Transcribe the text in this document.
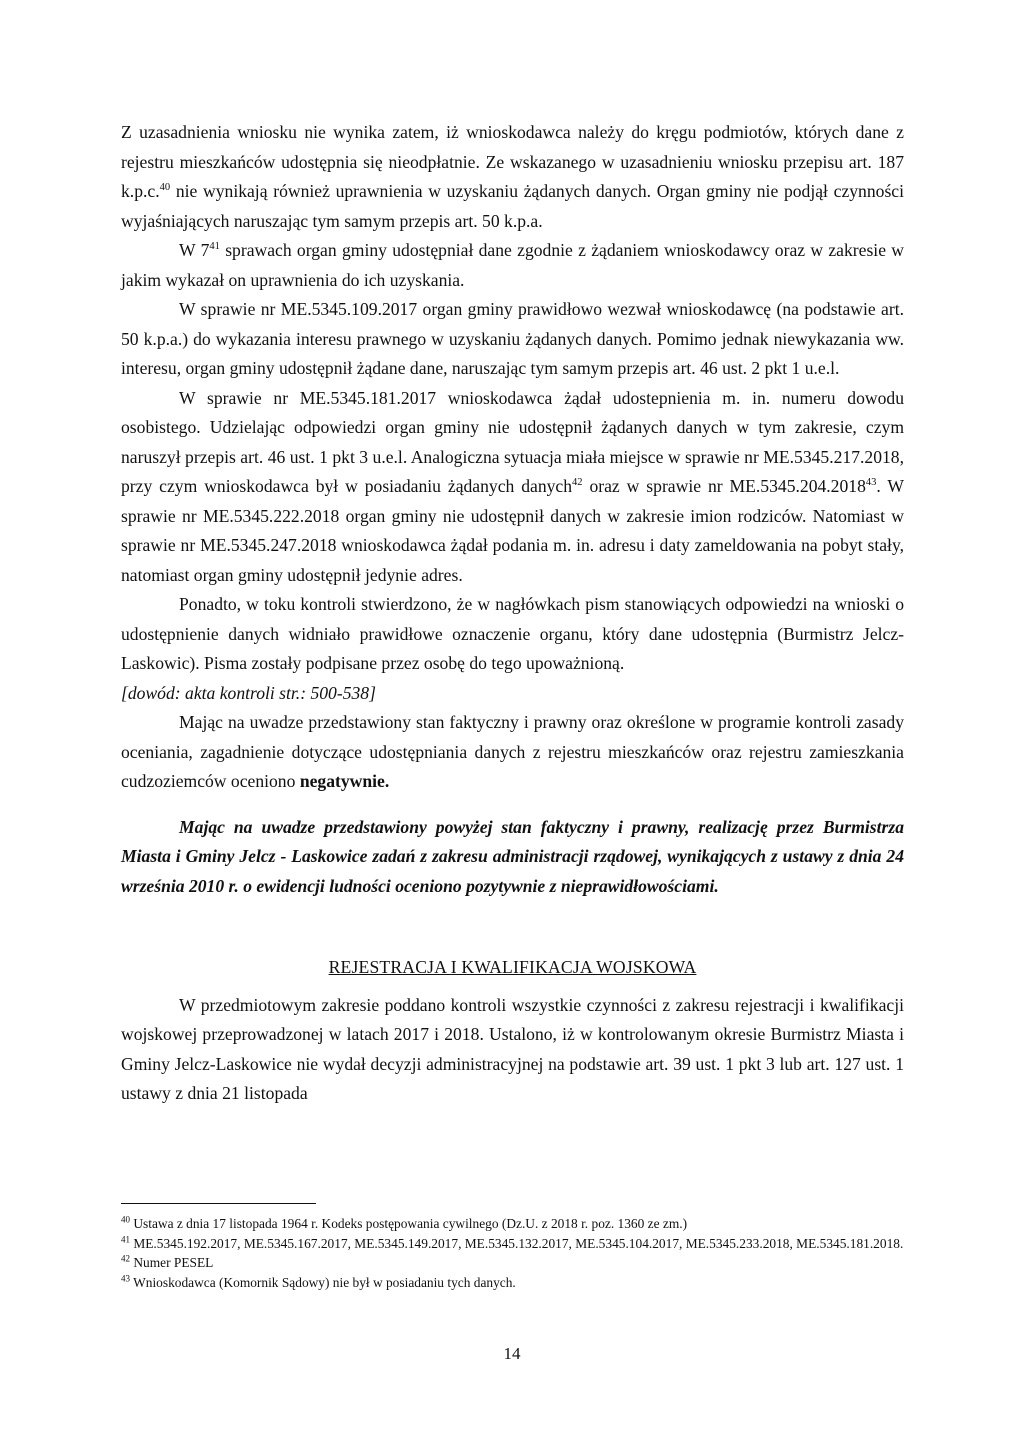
Z uzasadnienia wniosku nie wynika zatem, iż wnioskodawca należy do kręgu podmiotów, których dane z rejestru mieszkańców udostępnia się nieodpłatnie. Ze wskazanego w uzasadnieniu wniosku przepisu art. 187 k.p.c.$^{40}$ nie wynikają również uprawnienia w uzyskaniu żądanych danych. Organ gminy nie podjął czynności wyjaśniających naruszając tym samym przepis art. 50 k.p.a.

W $7^{41}$ sprawach organ gminy udostępniał dane zgodnie z żądaniem wnioskodawcy oraz w zakresie w jakim wykazał on uprawnienia do ich uzyskania.

W sprawie nr ME.5345.109.2017 organ gminy prawidłowo wezwał wnioskodawcę (na podstawie art. 50 k.p.a.) do wykazania interesu prawnego w uzyskaniu żądanych danych. Pomimo jednak niewykazania ww. interesu, organ gminy udostępnił żądane dane, naruszając tym samym przepis art. 46 ust. 2 pkt 1 u.e.l.

W sprawie nr ME.5345.181.2017 wnioskodawca żądał udostepnienia m. in. numeru dowodu osobistego. Udzielając odpowiedzi organ gminy nie udostępnił żądanych danych w tym zakresie, czym naruszył przepis art. 46 ust. 1 pkt 3 u.e.l. Analogiczna sytuacja miała miejsce w sprawie nr ME.5345.217.2018, przy czym wnioskodawca był w posiadaniu żądanych danych$^{42}$ oraz w sprawie nr ME.5345.204.2018$^{43}$. W sprawie nr ME.5345.222.2018 organ gminy nie udostępnił danych w zakresie imion rodziców. Natomiast w sprawie nr ME.5345.247.2018 wnioskodawca żądał podania m. in. adresu i daty zameldowania na pobyt stały, natomiast organ gminy udostępnił jedynie adres.

Ponadto, w toku kontroli stwierdzono, że w nagłówkach pism stanowiących odpowiedzi na wnioski o udostępnienie danych widniało prawidłowe oznaczenie organu, który dane udostępnia (Burmistrz Jelcz-Laskowic). Pisma zostały podpisane przez osobę do tego upoważnioną.

[dowód: akta kontroli str.: 500-538]

Mając na uwadze przedstawiony stan faktyczny i prawny oraz określone w programie kontroli zasady oceniania, zagadnienie dotyczące udostępniania danych z rejestru mieszkańców oraz rejestru zamieszkania cudzoziemców oceniono negatywnie.

Mając na uwadze przedstawiony powyżej stan faktyczny i prawny, realizację przez Burmistrza Miasta i Gminy Jelcz - Laskowice zadań z zakresu administracji rządowej, wynikających z ustawy z dnia 24 września 2010 r. o ewidencji ludności oceniono pozytywnie z nieprawidłowościami.

REJESTRACJA I KWALIFIKACJA WOJSKOWA

W przedmiotowym zakresie poddano kontroli wszystkie czynności z zakresu rejestracji i kwalifikacji wojskowej przeprowadzonej w latach 2017 i 2018. Ustalono, iż w kontrolowanym okresie Burmistrz Miasta i Gminy Jelcz-Laskowice nie wydał decyzji administracyjnej na podstawie art. 39 ust. 1 pkt 3 lub art. 127 ust. 1 ustawy z dnia 21 listopada

$^{40}$ Ustawa z dnia 17 listopada 1964 r. Kodeks postępowania cywilnego (Dz.U. z 2018 r. poz. 1360 ze zm.)

$^{41}$ ME.5345.192.2017, ME.5345.167.2017, ME.5345.149.2017, ME.5345.132.2017, ME.5345.104.2017, ME.5345.233.2018, ME.5345.181.2018.

$^{42}$ Numer PESEL

$^{43}$ Wnioskodawca (Komornik Sądowy) nie był w posiadaniu tych danych.

14
